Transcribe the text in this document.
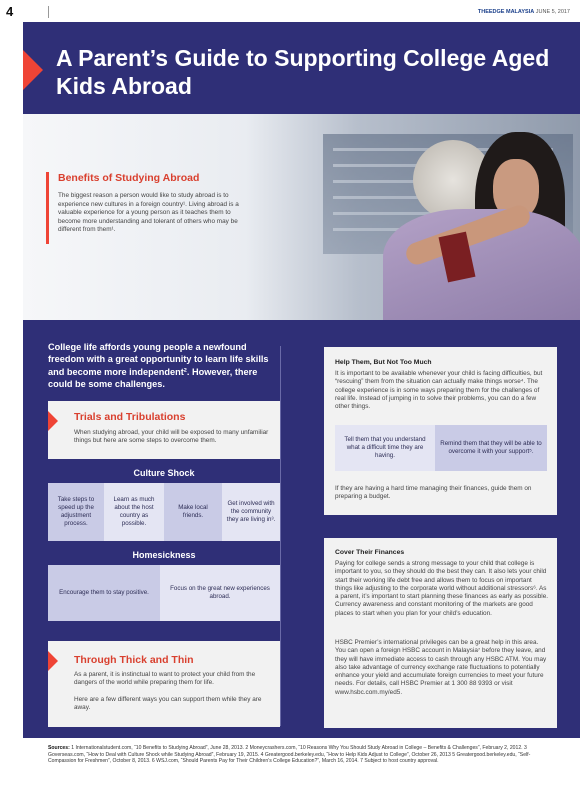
4	THEEDGE MALAYSIA JUNE 5, 2017
A Parent’s Guide to Supporting College Aged Kids Abroad
Benefits of Studying Abroad

The biggest reason a person would like to study abroad is to experience new cultures in a foreign country¹. Living abroad is a valuable experience for a young person as it teaches them to become more understanding and tolerant of others who may be different from them¹.

College life affords young people a newfound freedom with a great opportunity to learn life skills and become more independent². However, there could be some challenges.
Trials and Tribulations

When studying abroad, your child will be exposed to many unfamiliar things but here are some steps to overcome them.

Culture Shock
Take steps to speed up the adjustment process.
Learn as much about the host country as possible.
Make local friends.
Get involved with the community they are living in³.
Homesickness
Encourage them to stay positive.
Focus on the great new experiences abroad.
Through Thick and Thin

As a parent, it is instinctual to want to protect your child from the dangers of the world while preparing them for life.

Here are a few different ways you can support them while they are away.

Help Them, But Not Too Much

It is important to be available whenever your child is facing difficulties, but “rescuing” them from the situation can actually make things worse⁴. The college experience is in some ways preparing them for the challenges of real life. Instead of jumping in to solve their problems, you can do a few other things.

Tell them that you understand what a difficult time they are having.
Remind them that they will be able to overcome it with your support⁵.

If they are having a hard time managing their finances, guide them on preparing a budget.

Cover Their Finances

Paying for college sends a strong message to your child that college is important to you, so they should do the best they can. It also lets your child start their working life debt free and allows them to focus on important things like adjusting to the corporate world without additional stressors⁶. As a parent, it’s important to start planning these finances as early as possible. Currency awareness and constant monitoring of the markets are good places to start when you plan for your child’s education.

HSBC Premier’s international privileges can be a great help in this area. You can open a foreign HSBC account in Malaysia⁷ before they leave, and they will have immediate access to cash through any HSBC ATM. You may also take advantage of currency exchange rate fluctuations to potentially enhance your yield and accumulate foreign currencies to meet your future needs. For details, call HSBC Premier at 1 300 88 9393 or visit www.hsbc.com.my/ed5.

Sources: 1 Internationalstudent.com, “10 Benefits to Studying Abroad”, June 28, 2013. 2 Moneycrashers.com, “10 Reasons Why You Should Study Abroad in College – Benefits & Challenges”, February 2, 2012. 3 Goverseas.com, “How to Deal with Culture Shock while Studying Abroad”, February 19, 2015. 4 Greatergood.berkeley.edu, “How to Help Kids Adjust to College”, October 26, 2013 5 Greatergood.berkeley.edu, “Self-Compassion for Freshmen”, October 8, 2013. 6 WSJ.com, “Should Parents Pay for Their Children’s College Education?”, March 16, 2014. 7 Subject to host country approval.
